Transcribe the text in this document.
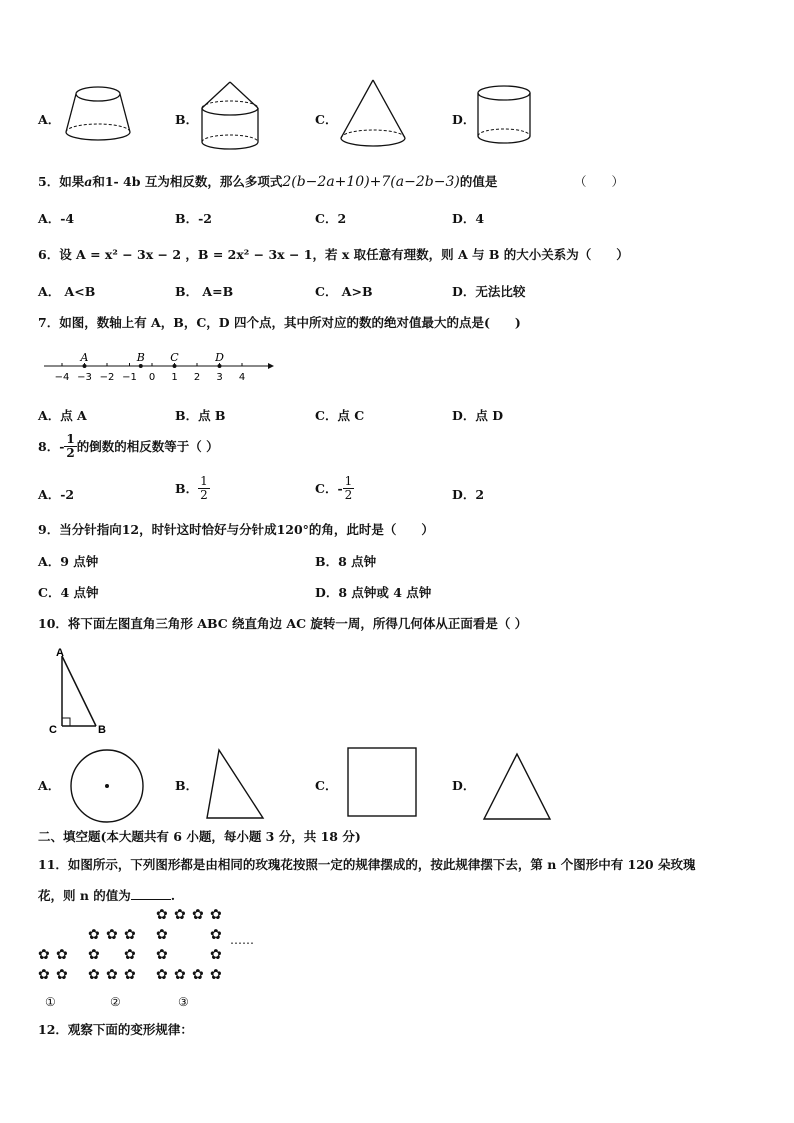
A．	B．	C．	D．
5．如果a和1- 4b 互为相反数，那么多项式2(b−2a+10)+7(a−2b−3)的值是	（　　）
A．-4	B．-2	C．2	D．4
6．设 A = x² − 3x − 2 ，B = 2x² − 3x − 1，若 x 取任意有理数，则 A 与 B 的大小关系为（　　）
A． A<B	B． A=B	C． A>B	D．无法比较
7．如图，数轴上有 A，B，C，D 四个点，其中所对应的数的绝对值最大的点是(　　)
−4 −3 −2 −1 0 1 2 3 4
A	B C	D
A．点 A	B．点 B	C．点 C	D．点 D
8．- $\frac{1}{2}$ 的倒数的相反数等于（ ）
A．-2	B． $\frac{1}{2}$	C．- $\frac{1}{2}$	D．2
9．当分针指向12，时针这时恰好与分针成120°的角，此时是（　　）
A．9 点钟	B．8 点钟
C．4 点钟	D．8 点钟或 4 点钟
10．将下面左图直角三角形 ABC 绕直角边 AC 旋转一周，所得几何体从正面看是（ ）
A
C	B
A．	B．	C．	D．
二、填空题(本大题共有 6 小题，每小题 3 分，共 18 分)
11．如图所示，下列图形都是由相同的玫瑰花按照一定的规律摆成的，按此规律摆下去，第 n 个图形中有 120 朵玫瑰
花，则 n 的值为	.
✿ ✿
✿ ✿
✿ ✿ ✿
✿ ✿
✿ ✿ ✿
✿ ✿ ✿ ✿
✿	✿
✿	✿
✿ ✿ ✿ ✿
……
①	②	③
12．观察下面的变形规律：
